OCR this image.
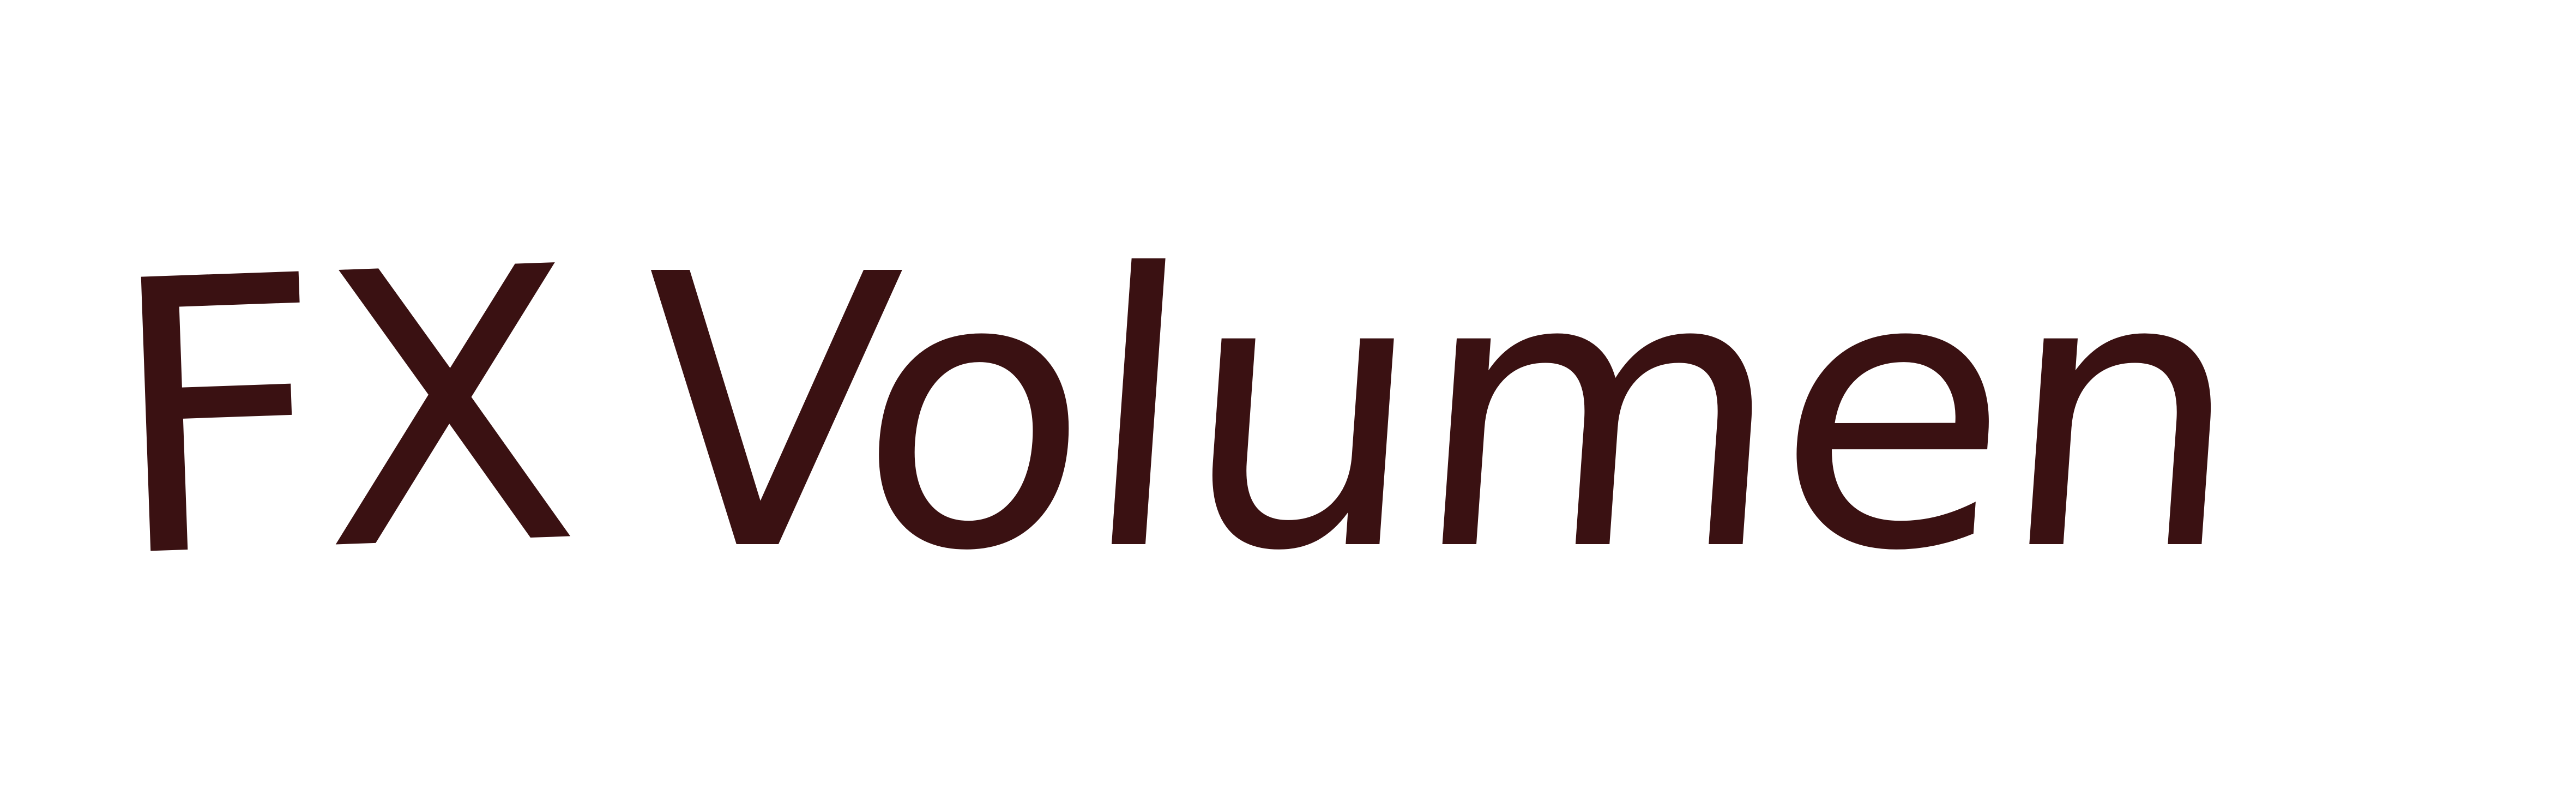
FX Volumen
